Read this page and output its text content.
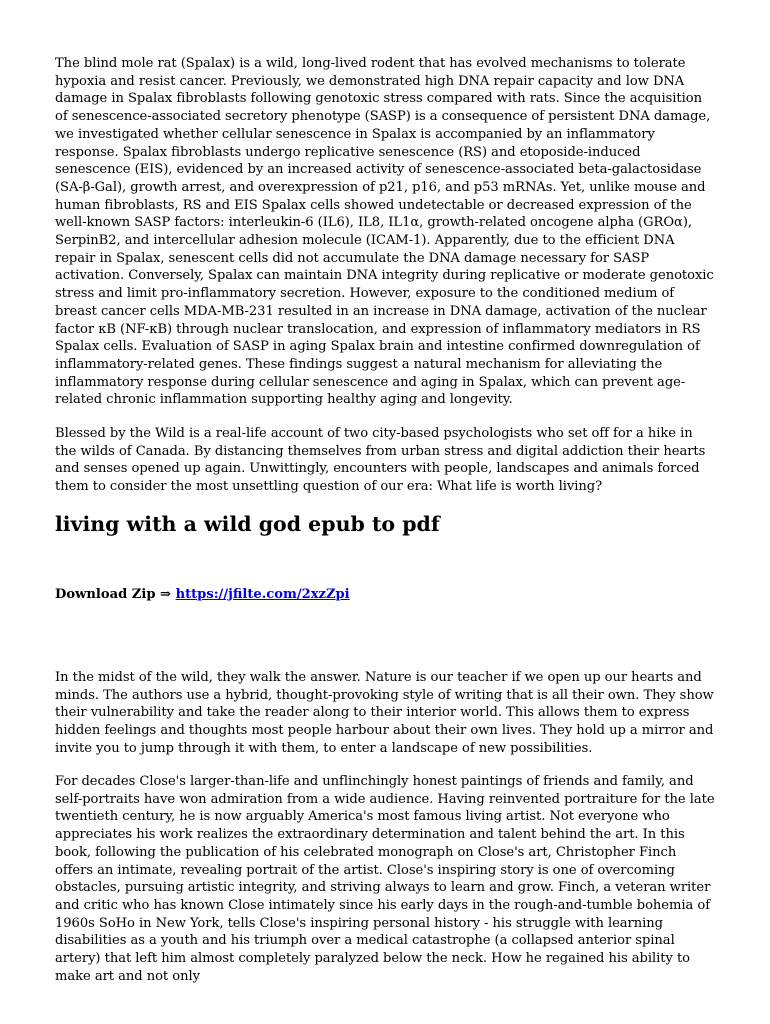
The blind mole rat (Spalax) is a wild, long-lived rodent that has evolved mechanisms to tolerate hypoxia and resist cancer. Previously, we demonstrated high DNA repair capacity and low DNA damage in Spalax fibroblasts following genotoxic stress compared with rats. Since the acquisition of senescence-associated secretory phenotype (SASP) is a consequence of persistent DNA damage, we investigated whether cellular senescence in Spalax is accompanied by an inflammatory response. Spalax fibroblasts undergo replicative senescence (RS) and etoposide-induced senescence (EIS), evidenced by an increased activity of senescence-associated beta-galactosidase (SA-β-Gal), growth arrest, and overexpression of p21, p16, and p53 mRNAs. Yet, unlike mouse and human fibroblasts, RS and EIS Spalax cells showed undetectable or decreased expression of the well-known SASP factors: interleukin-6 (IL6), IL8, IL1α, growth-related oncogene alpha (GROα), SerpinB2, and intercellular adhesion molecule (ICAM-1). Apparently, due to the efficient DNA repair in Spalax, senescent cells did not accumulate the DNA damage necessary for SASP activation. Conversely, Spalax can maintain DNA integrity during replicative or moderate genotoxic stress and limit pro-inflammatory secretion. However, exposure to the conditioned medium of breast cancer cells MDA-MB-231 resulted in an increase in DNA damage, activation of the nuclear factor κB (NF-κB) through nuclear translocation, and expression of inflammatory mediators in RS Spalax cells. Evaluation of SASP in aging Spalax brain and intestine confirmed downregulation of inflammatory-related genes. These findings suggest a natural mechanism for alleviating the inflammatory response during cellular senescence and aging in Spalax, which can prevent age-related chronic inflammation supporting healthy aging and longevity.

Blessed by the Wild is a real-life account of two city-based psychologists who set off for a hike in the wilds of Canada. By distancing themselves from urban stress and digital addiction their hearts and senses opened up again. Unwittingly, encounters with people, landscapes and animals forced them to consider the most unsettling question of our era: What life is worth living?

living with a wild god epub to pdf

Download Zip ⇒ https://jfilte.com/2xzZpi

In the midst of the wild, they walk the answer. Nature is our teacher if we open up our hearts and minds. The authors use a hybrid, thought-provoking style of writing that is all their own. They show their vulnerability and take the reader along to their interior world. This allows them to express hidden feelings and thoughts most people harbour about their own lives. They hold up a mirror and invite you to jump through it with them, to enter a landscape of new possibilities.

For decades Close's larger-than-life and unflinchingly honest paintings of friends and family, and self-portraits have won admiration from a wide audience. Having reinvented portraiture for the late twentieth century, he is now arguably America's most famous living artist. Not everyone who appreciates his work realizes the extraordinary determination and talent behind the art. In this book, following the publication of his celebrated monograph on Close's art, Christopher Finch offers an intimate, revealing portrait of the artist. Close's inspiring story is one of overcoming obstacles, pursuing artistic integrity, and striving always to learn and grow. Finch, a veteran writer and critic who has known Close intimately since his early days in the rough-and-tumble bohemia of 1960s SoHo in New York, tells Close's inspiring personal history - his struggle with learning disabilities as a youth and his triumph over a medical catastrophe (a collapsed anterior spinal artery) that left him almost completely paralyzed below the neck. How he regained his ability to make art and not only
